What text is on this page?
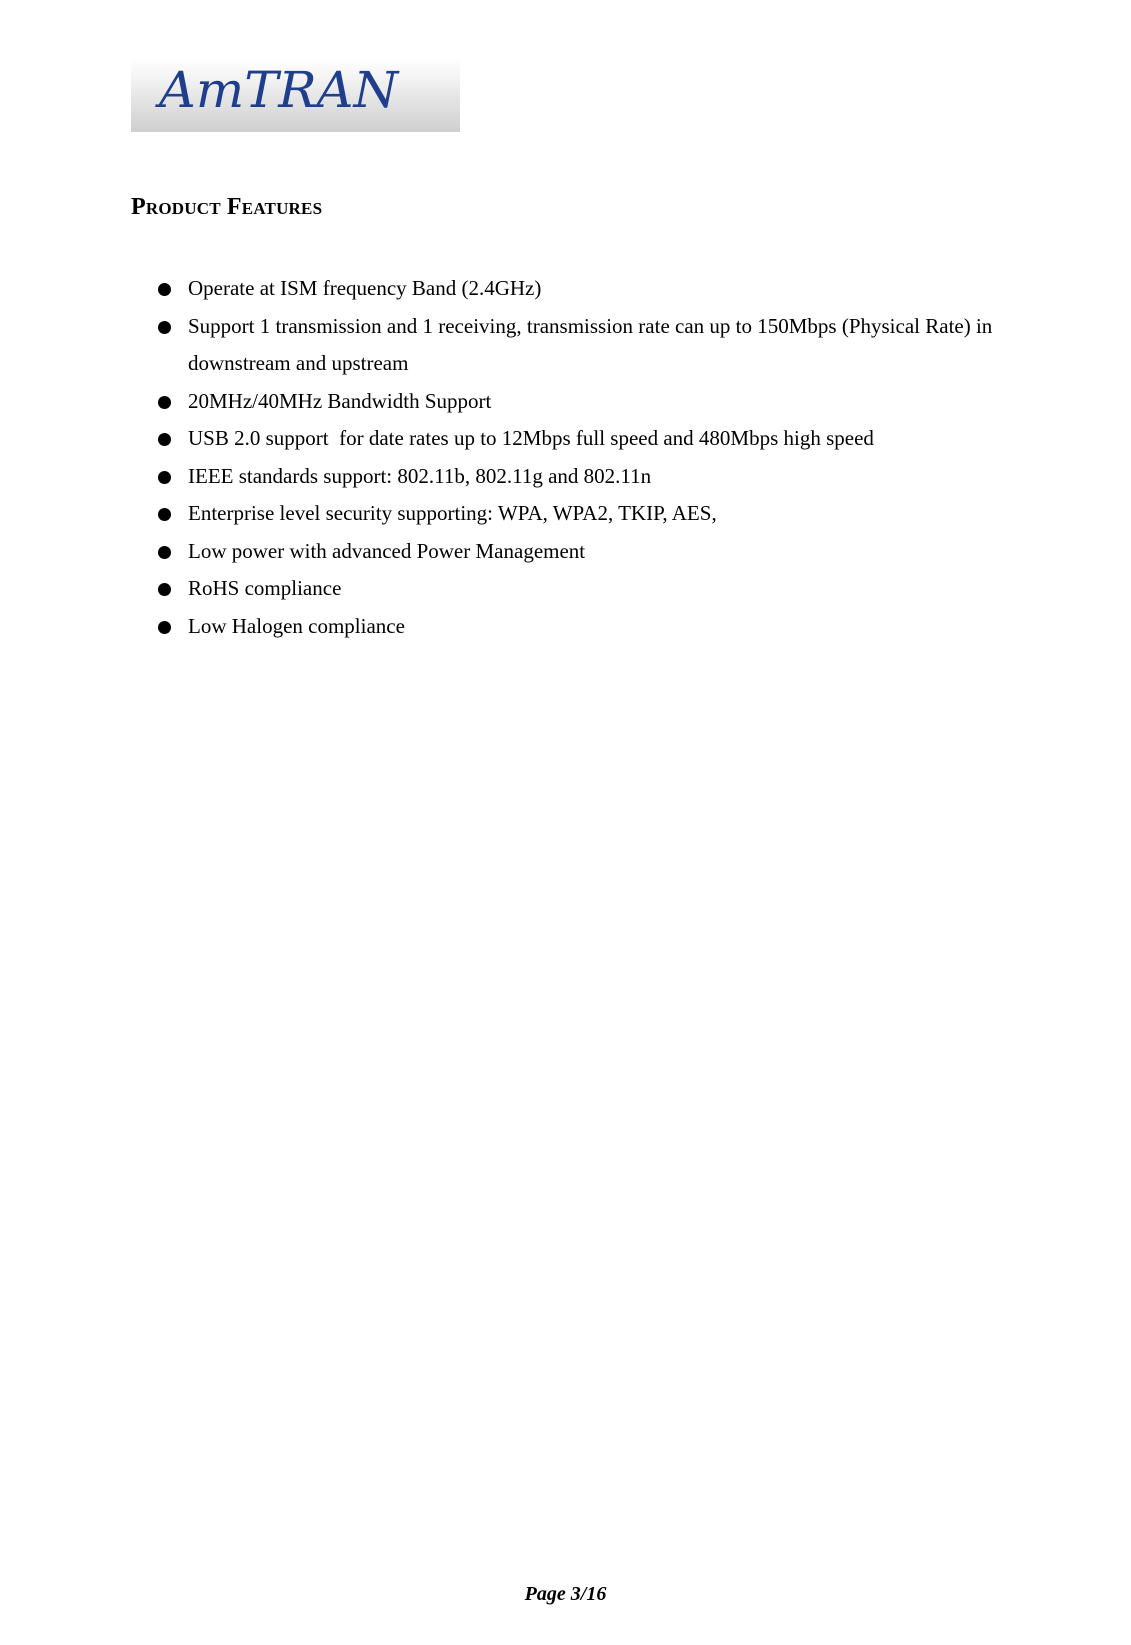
AmTRAN
Product Features
Operate at ISM frequency Band (2.4GHz)
Support 1 transmission and 1 receiving, transmission rate can up to 150Mbps (Physical Rate) in downstream and upstream
20MHz/40MHz Bandwidth Support
USB 2.0 support  for date rates up to 12Mbps full speed and 480Mbps high speed
IEEE standards support: 802.11b, 802.11g and 802.11n
Enterprise level security supporting: WPA, WPA2, TKIP, AES,
Low power with advanced Power Management
RoHS compliance
Low Halogen compliance
Page 3/16
